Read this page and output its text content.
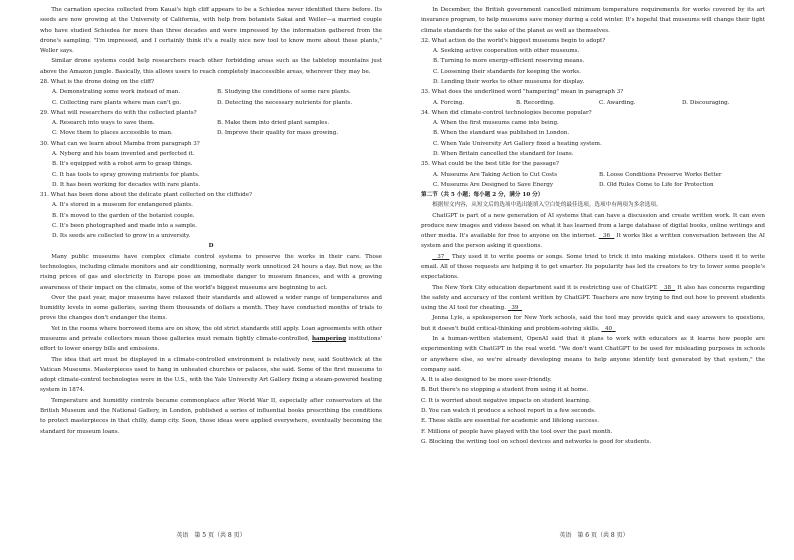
The carnation species collected from Kauai's high cliff appears to be a Schiedea never identified there before. Its seeds are now growing at the University of California, with help from botanists Sakai and Weller—a married couple who have studied Schiedea for more than three decades and were impressed by the information gathered from the drone's sampling. "I'm impressed, and I certainly think it's a really nice new tool to know more about these plants," Weller says.

Similar drone systems could help researchers reach other forbidding areas such as the tabletop mountains just above the Amazon jungle. Basically, this allows users to reach completely inaccessible areas, wherever they may be.

28. What is the drone doing on the cliff?

A. Demonstrating some work instead of man.	B. Studying the conditions of some rare plants.
C. Collecting rare plants where man can't go.	D. Detecting the necessary nutrients for plants.

29. What will researchers do with the collected plants?

A. Research into ways to save them.	B. Make them into dried plant samples.
C. Move them to places accessible to man.	D. Improve their quality for mass growing.

30. What can we learn about Mamba from paragraph 3?

A. Nyberg and his team invented and perfected it.

B. It's equipped with a robot arm to grasp things.

C. It has tools to spray growing nutrients for plants.

D. It has been working for decades with rare plants.

31. What has been done about the delicate plant collected on the cliffside?

A. It's stored in a museum for endangered plants.

B. It's moved to the garden of the botanist couple.

C. It's been photographed and made into a sample.

D. Its seeds are collected to grow in a university.

D

Many public museums have complex climate control systems to preserve the works in their care. Those technologies, including climate monitors and air conditioning, normally work unnoticed 24 hours a day. But now, as the rising prices of gas and electricity in Europe pose an immediate danger to museum finances, and with a growing awareness of their impact on the climate, some of the world's biggest museums are beginning to act.

Over the past year, major museums have relaxed their standards and allowed a wider range of temperatures and humidity levels in some galleries, saving them thousands of dollars a month. They have conducted months of trials to prove the changes don't endanger the items.

Yet in the rooms where borrowed items are on show, the old strict standards still apply. Loan agreements with other museums and private collectors mean those galleries must remain tightly climate-controlled, hampering institutions' effort to lower energy bills and emissions.

The idea that art must be displayed in a climate-controlled environment is relatively new, said Southwick at the Vatican Museums. Masterpieces used to hang in unheated churches or palaces, she said. Some of the first museums to adopt climate-control technologies were in the U.S., with the Yale University Art Gallery fixing a steam-powered heating system in 1874.

Temperature and humidity controls became commonplace after World War II, especially after conservators at the British Museum and the National Gallery, in London, published a series of influential books prescribing the conditions to protect masterpieces in that chilly, damp city. Soon, those ideas were applied everywhere, eventually becoming the standard for museum loans.

英语　第 5 页（共 8 页）

In December, the British government cancelled minimum temperature requirements for works covered by its art insurance program, to help museums save money during a cold winter. It's hopeful that museums will change their tight climate standards for the sake of the planet as well as themselves.

32. What action do the world's biggest museums begin to adopt?

A. Seeking active cooperation with other museums.

B. Turning to more energy-efficient reserving means.

C. Loosening their standards for keeping the works.

D. Lending their works to other museums for display.

33. What does the underlined word "hampering" mean in paragraph 3?

A. Forcing.	B. Recording.	C. Awarding.	D. Discouraging.

34. When did climate-control technologies become popular?

A. When the first museums came into being.

B. When the standard was published in London.

C. When Yale University Art Gallery fixed a heating system.

D. When Britain cancelled the standard for loans.

35. What could be the best title for the passage?

A. Museums Are Taking Action to Cut Costs	B. Loose Conditions Preserve Works Better
C. Museums Are Designed to Save Energy	D. Old Rules Come to Life for Protection

第二节（共 5 小题；每小题 2 分，满分 10 分）

根据短文内容，从短文后的选项中选出能填入空白处的最佳选项。选项中有两项为多余选项。

ChatGPT is part of a new generation of AI systems that can have a discussion and create written work. It can even produce new images and videos based on what it has learned from a large database of digital books, online writings and other media. It's available for free to anyone on the internet.   36   It works like a written conversation between the AI system and the person asking it questions.

37   They used it to write poems or songs. Some tried to trick it into making mistakes. Others used it to write email. All of those requests are helping it to get smarter. Its popularity has led its creators to try to lower some people's expectations.

The New York City education department said it is restricting use of ChatGPT.   38   It also has concerns regarding the safety and accuracy of the content written by ChatGPT. Teachers are now trying to find out how to prevent students using the AI tool for cheating.   39

Jenna Lyle, a spokesperson for New York schools, said the tool may provide quick and easy answers to questions, but it doesn't build critical-thinking and problem-solving skills.   40

In a human-written statement, OpenAI said that it plans to work with educators as it learns how people are experimenting with ChatGPT in the real world. "We don't want ChatGPT to be used for misleading purposes in schools or anywhere else, so we're already developing means to help anyone identify text generated by that system," the company said.

A. It is also designed to be more user-friendly.

B. But there's no stopping a student from using it at home.

C. It is worried about negative impacts on student learning.

D. You can watch it produce a school report in a few seconds.

E. These skills are essential for academic and lifelong success.

F. Millions of people have played with the tool over the past month.

G. Blocking the writing tool on school devices and networks is good for students.

英语　第 6 页（共 8 页）
